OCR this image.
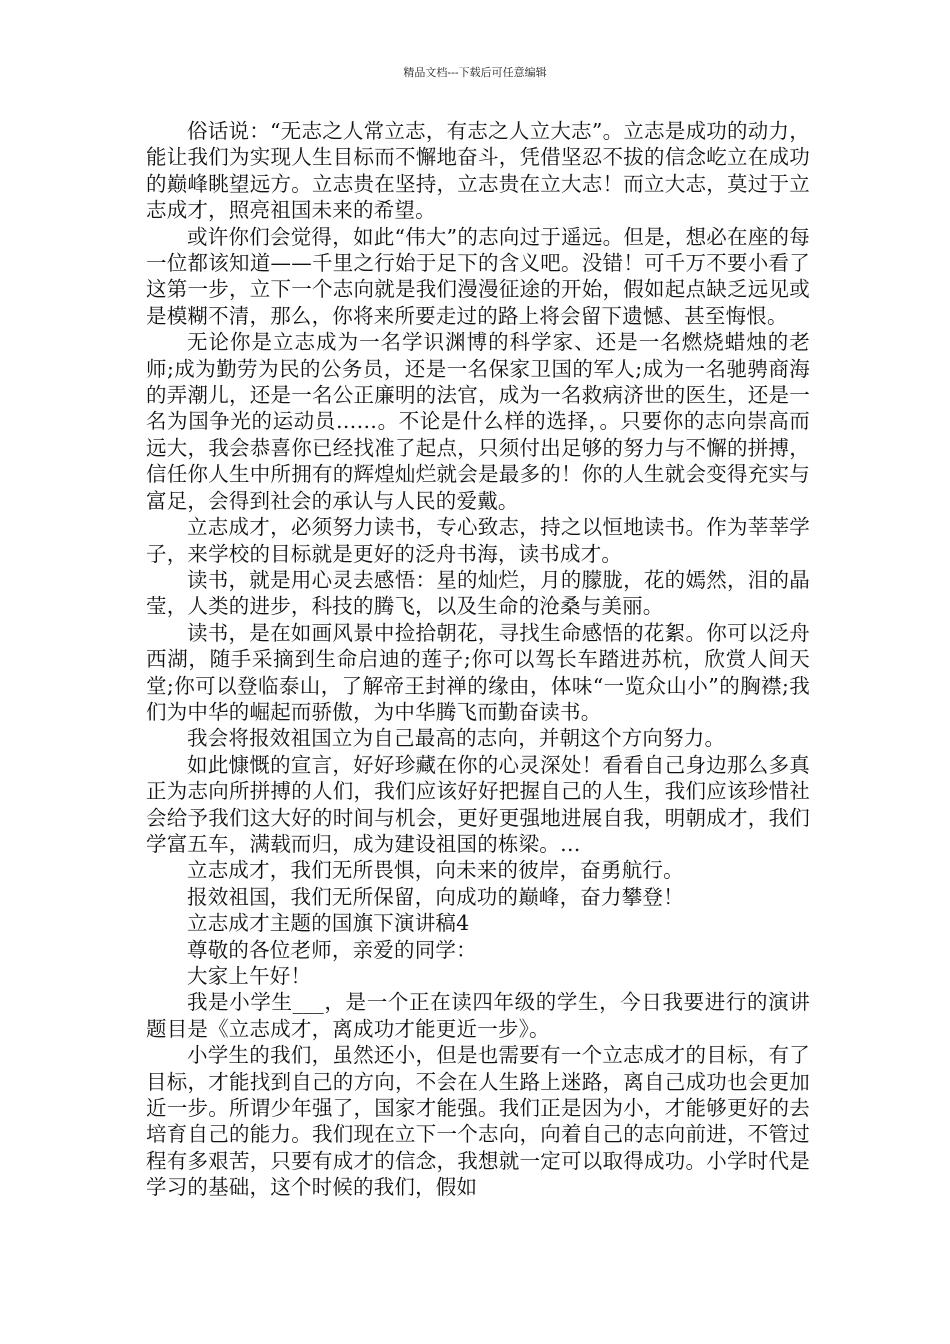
精品文档---下载后可任意编辑

俗话说：“无志之人常立志，有志之人立大志”。立志是成功的动力，能让我们为实现人生目标而不懈地奋斗，凭借坚忍不拔的信念屹立在成功的巅峰眺望远方。立志贵在坚持，立志贵在立大志！而立大志，莫过于立志成才，照亮祖国未来的希望。

或许你们会觉得，如此“伟大”的志向过于遥远。但是，想必在座的每一位都该知道——千里之行始于足下的含义吧。没错！可千万不要小看了这第一步，立下一个志向就是我们漫漫征途的开始，假如起点缺乏远见或是模糊不清，那么，你将来所要走过的路上将会留下遗憾、甚至悔恨。

无论你是立志成为一名学识渊博的科学家、还是一名燃烧蜡烛的老师;成为勤劳为民的公务员，还是一名保家卫国的军人;成为一名驰骋商海的弄潮儿，还是一名公正廉明的法官，成为一名救病济世的医生，还是一名为国争光的运动员……。不论是什么样的选择，。只要你的志向崇高而远大，我会恭喜你已经找准了起点，只须付出足够的努力与不懈的拼搏，信任你人生中所拥有的辉煌灿烂就会是最多的！你的人生就会变得充实与富足，会得到社会的承认与人民的爱戴。

立志成才，必须努力读书，专心致志，持之以恒地读书。作为莘莘学子，来学校的目标就是更好的泛舟书海，读书成才。

读书，就是用心灵去感悟：星的灿烂，月的朦胧，花的嫣然，泪的晶莹，人类的进步，科技的腾飞，以及生命的沧桑与美丽。

读书，是在如画风景中捡拾朝花，寻找生命感悟的花絮。你可以泛舟西湖，随手采摘到生命启迪的莲子;你可以驾长车踏进苏杭，欣赏人间天堂;你可以登临泰山，了解帝王封禅的缘由，体味“一览众山小”的胸襟;我们为中华的崛起而骄傲，为中华腾飞而勤奋读书。

我会将报效祖国立为自己最高的志向，并朝这个方向努力。

如此慷慨的宣言，好好珍藏在你的心灵深处！看看自己身边那么多真正为志向所拼搏的人们，我们应该好好把握自己的人生，我们应该珍惜社会给予我们这大好的时间与机会，更好更强地进展自我，明朝成才，我们学富五车，满载而归，成为建设祖国的栋梁。…

立志成才，我们无所畏惧，向未来的彼岸，奋勇航行。

报效祖国，我们无所保留，向成功的巅峰，奋力攀登！

立志成才主题的国旗下演讲稿4

尊敬的各位老师，亲爱的同学：

大家上午好！

我是小学生___，是一个正在读四年级的学生，今日我要进行的演讲题目是《立志成才，离成功才能更近一步》。

小学生的我们，虽然还小，但是也需要有一个立志成才的目标，有了目标，才能找到自己的方向，不会在人生路上迷路，离自己成功也会更加近一步。所谓少年强了，国家才能强。我们正是因为小，才能够更好的去培育自己的能力。我们现在立下一个志向，向着自己的志向前进，不管过程有多艰苦，只要有成才的信念，我想就一定可以取得成功。小学时代是学习的基础，这个时候的我们，假如
